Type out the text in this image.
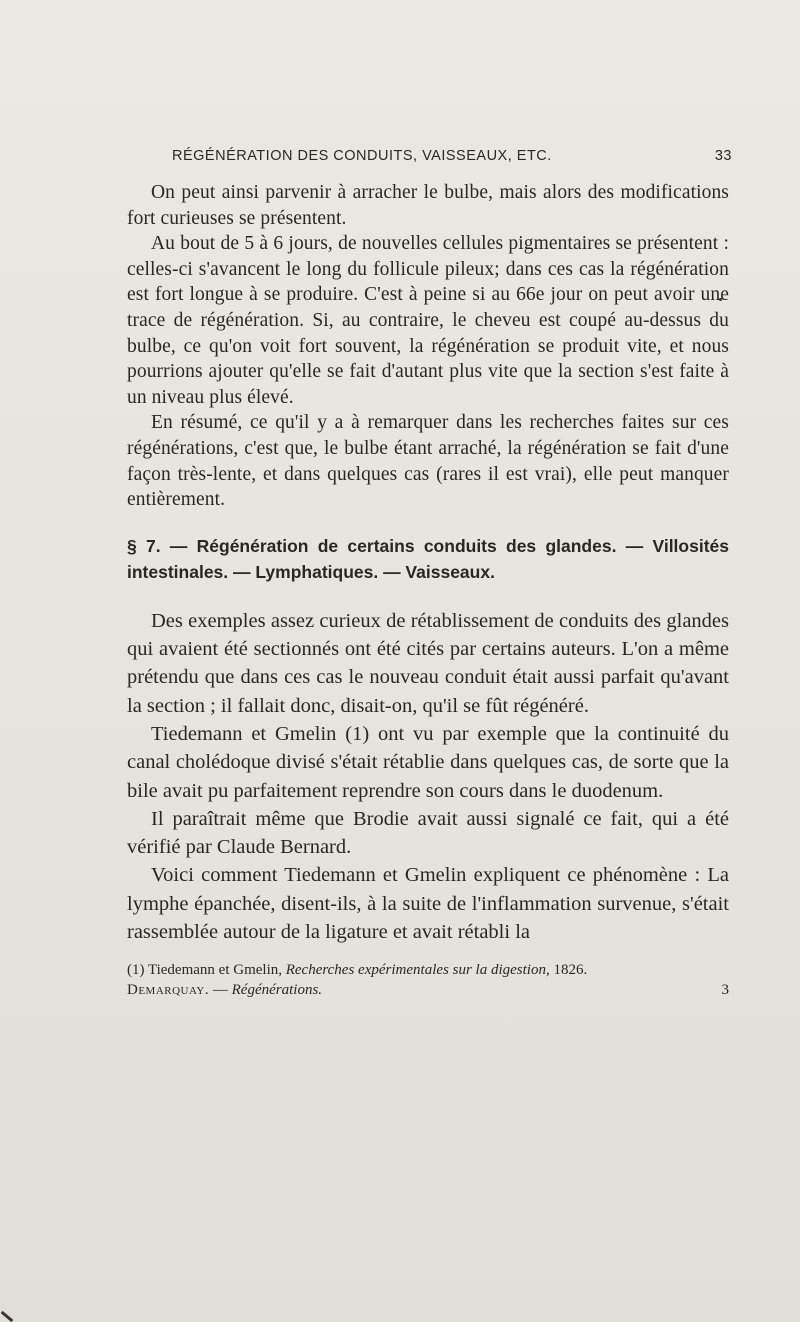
RÉGÉNÉRATION DES CONDUITS, VAISSEAUX, ETC.	33

On peut ainsi parvenir à arracher le bulbe, mais alors des modifications fort curieuses se présentent.

Au bout de 5 à 6 jours, de nouvelles cellules pigmentaires se présentent : celles-ci s'avancent le long du follicule pileux; dans ces cas la régénération est fort longue à se produire. C'est à peine si au 66e jour on peut avoir une trace de régénération. Si, au contraire, le cheveu est coupé au-dessus du bulbe, ce qu'on voit fort souvent, la régénération se produit vite, et nous pourrions ajouter qu'elle se fait d'autant plus vite que la section s'est faite à un niveau plus élevé.

En résumé, ce qu'il y a à remarquer dans les recherches faites sur ces régénérations, c'est que, le bulbe étant arraché, la régénération se fait d'une façon très-lente, et dans quelques cas (rares il est vrai), elle peut manquer entièrement.

§ 7. — Régénération de certains conduits des glandes. — Villosités intestinales. — Lymphatiques. — Vaisseaux.

Des exemples assez curieux de rétablissement de conduits des glandes qui avaient été sectionnés ont été cités par certains auteurs. L'on a même prétendu que dans ces cas le nouveau conduit était aussi parfait qu'avant la section ; il fallait donc, disait-on, qu'il se fût régénéré.

Tiedemann et Gmelin (1) ont vu par exemple que la continuité du canal cholédoque divisé s'était rétablie dans quelques cas, de sorte que la bile avait pu parfaitement reprendre son cours dans le duodenum.

Il paraîtrait même que Brodie avait aussi signalé ce fait, qui a été vérifié par Claude Bernard.

Voici comment Tiedemann et Gmelin expliquent ce phénomène : La lymphe épanchée, disent-ils, à la suite de l'inflammation survenue, s'était rassemblée autour de la ligature et avait rétabli la

(1) Tiedemann et Gmelin, Recherches expérimentales sur la digestion, 1826.
Demarquay. — Régénérations.	3
